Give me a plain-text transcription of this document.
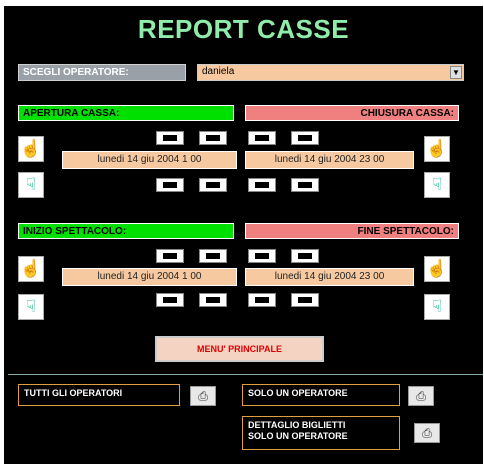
REPORT CASSE
SCEGLI OPERATORE:	daniela	▼
APERTURA CASSA:	CHIUSURA CASSA:
☝
☟
☝
☟
lunedi 14 giu 2004 1 00	lunedi 14 giu 2004 23 00
INIZIO SPETTACOLO:	FINE SPETTACOLO:
☝
☟
☝
☟
lunedi 14 giu 2004 1 00	lunedi 14 giu 2004 23 00
MENU' PRINCIPALE
TUTTI GLI OPERATORI	⎙	SOLO UN OPERATORE	⎙
DETTAGLIO BIGLIETTI
SOLO UN OPERATORE	⎙
